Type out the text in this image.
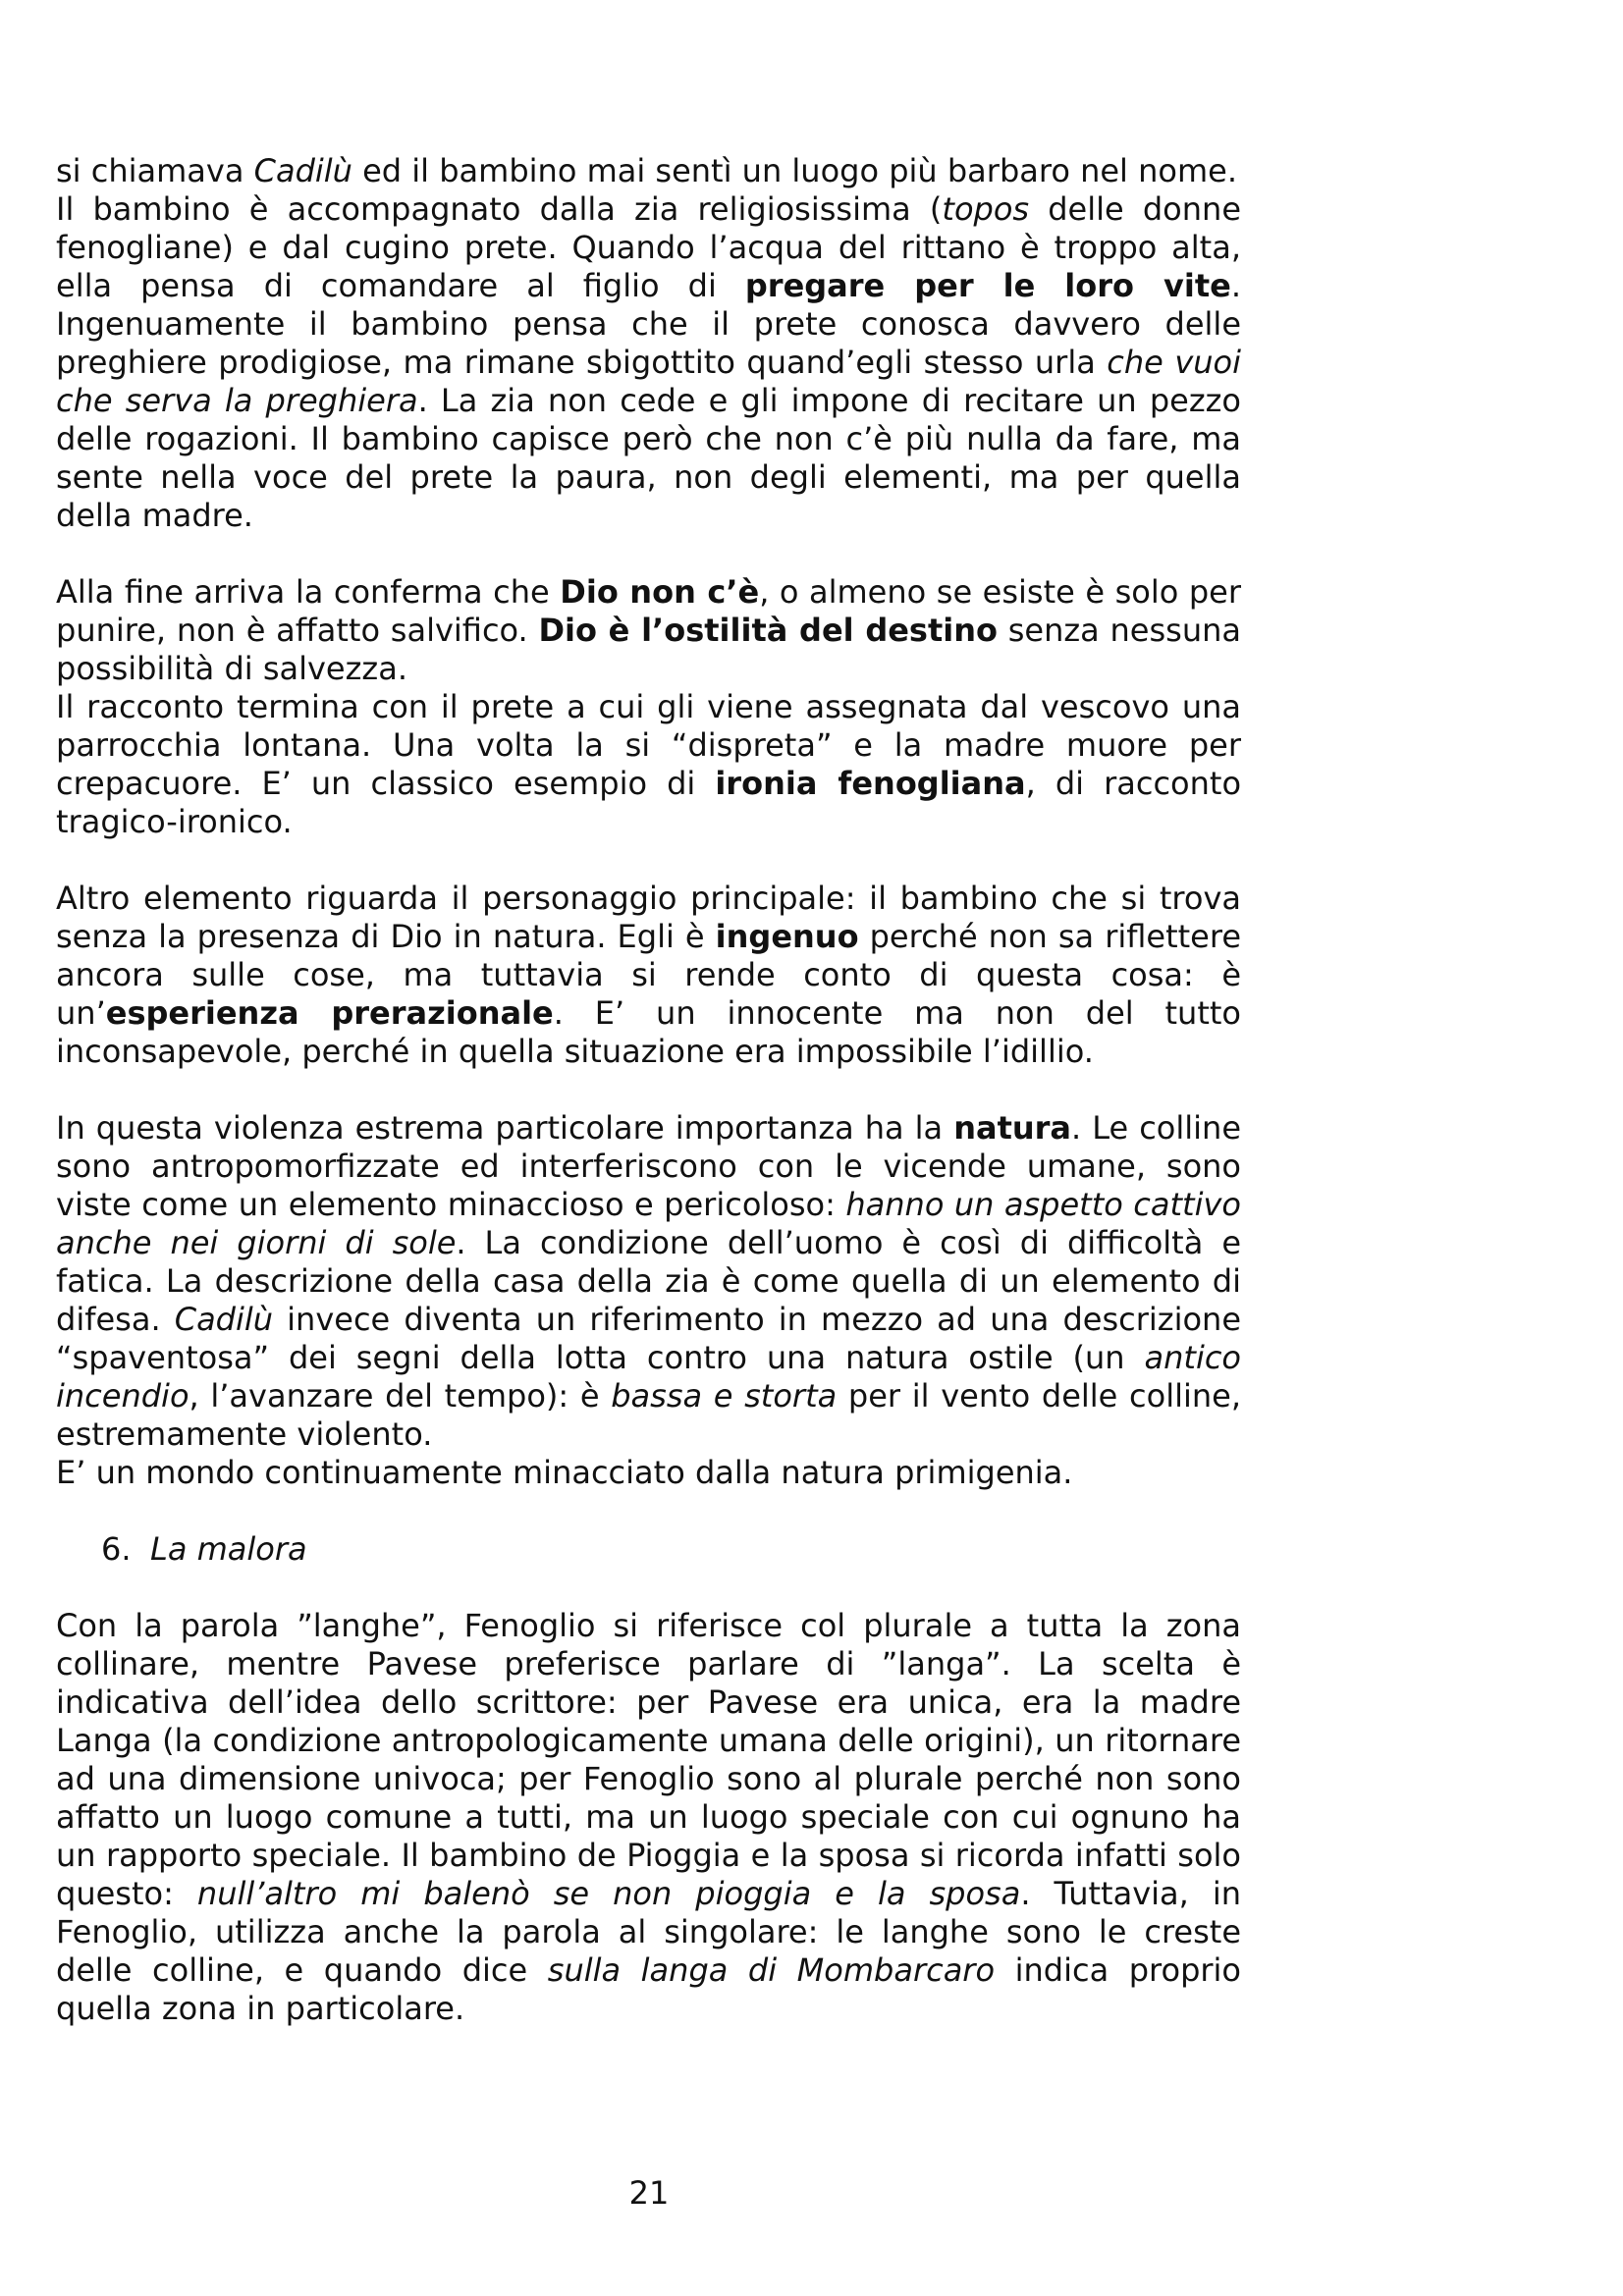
si chiamava Cadilù ed il bambino mai sentì un luogo più barbaro nel nome.

Il bambino è accompagnato dalla zia religiosissima (topos delle donne fenogliane) e dal cugino prete. Quando l’acqua del rittano è troppo alta, ella pensa di comandare al figlio di pregare per le loro vite. Ingenuamente il bambino pensa che il prete conosca davvero delle preghiere prodigiose, ma rimane sbigottito quand’egli stesso urla che vuoi che serva la preghiera. La zia non cede e gli impone di recitare un pezzo delle rogazioni. Il bambino capisce però che non c’è più nulla da fare, ma sente nella voce del prete la paura, non degli elementi, ma per quella della madre.

Alla fine arriva la conferma che Dio non c’è, o almeno se esiste è solo per punire, non è affatto salvifico. Dio è l’ostilità del destino senza nessuna possibilità di salvezza.

Il racconto termina con il prete a cui gli viene assegnata dal vescovo una parrocchia lontana. Una volta la si “dispreta” e la madre muore per crepacuore. E’ un classico esempio di ironia fenogliana, di racconto tragico-ironico.

Altro elemento riguarda il personaggio principale: il bambino che si trova senza la presenza di Dio in natura. Egli è ingenuo perché non sa riflettere ancora sulle cose, ma tuttavia si rende conto di questa cosa: è un’esperienza prerazionale. E’ un innocente ma non del tutto inconsapevole, perché in quella situazione era impossibile l’idillio.

In questa violenza estrema particolare importanza ha la natura. Le colline sono antropomorfizzate ed interferiscono con le vicende umane, sono viste come un elemento minaccioso e pericoloso: hanno un aspetto cattivo anche nei giorni di sole. La condizione dell’uomo è così di difficoltà e fatica. La descrizione della casa della zia è come quella di un elemento di difesa. Cadilù invece diventa un riferimento in mezzo ad una descrizione “spaventosa” dei segni della lotta contro una natura ostile (un antico incendio, l’avanzare del tempo): è bassa e storta per il vento delle colline, estremamente violento.

E’ un mondo continuamente minacciato dalla natura primigenia.

6. La malora

Con la parola ”langhe”, Fenoglio si riferisce col plurale a tutta la zona collinare, mentre Pavese preferisce parlare di ”langa”. La scelta è indicativa dell’idea dello scrittore: per Pavese era unica, era la madre Langa (la condizione antropologicamente umana delle origini), un ritornare ad una dimensione univoca; per Fenoglio sono al plurale perché non sono affatto un luogo comune a tutti, ma un luogo speciale con cui ognuno ha un rapporto speciale. Il bambino de Pioggia e la sposa si ricorda infatti solo questo: null’altro mi balenò se non pioggia e la sposa. Tuttavia, in Fenoglio, utilizza anche la parola al singolare: le langhe sono le creste delle colline, e quando dice sulla langa di Mombarcaro indica proprio quella zona in particolare.

21
